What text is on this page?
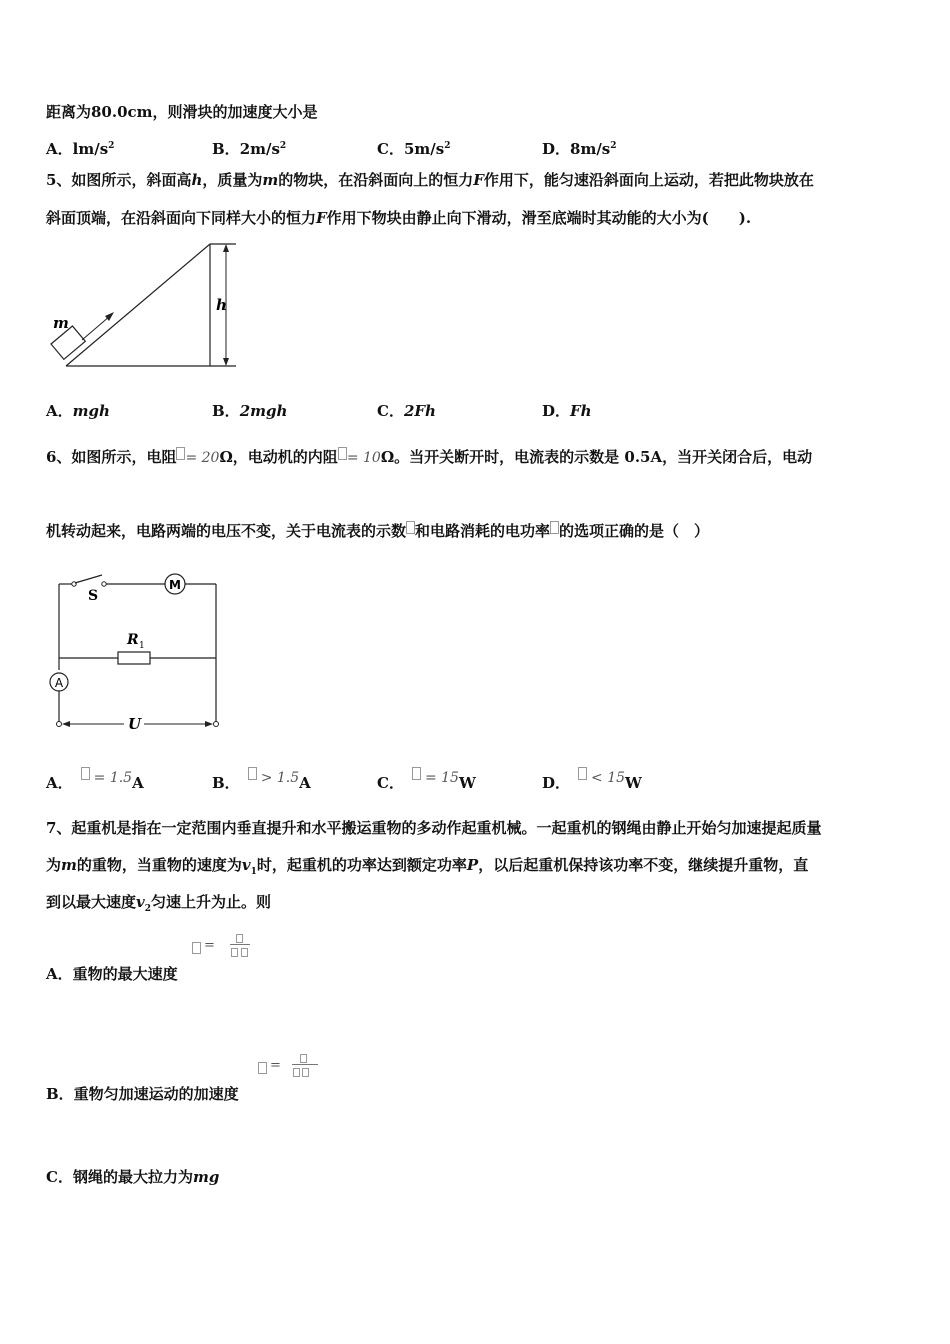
距离为80.0cm，则滑块的加速度大小是
A．$lm/s^2$	B．$2m/s^2$	C．$5m/s^2$	D．$8m/s^2$
5、如图所示，斜面高h，质量为m的物块，在沿斜面向上的恒力F作用下，能匀速沿斜面向上运动，若把此物块放在
斜面顶端，在沿斜面向下同样大小的恒力F作用下物块由静止向下滑动，滑至底端时其动能的大小为(　　).
m
h
A．mgh	B．2mgh	C．2Fh	D．Fh
6、如图所示，电阻 = 20Ω，电动机的内阻 = 10Ω。当开关断开时，电流表的示数是 0.5A，当开关闭合后，电动
机转动起来，电路两端的电压不变，关于电流表的示数 和电路消耗的电功率 的选项正确的是（　）
M
S
R 1
A
U
A． = 1.5A	B． > 1.5A	C． = 15W	D． < 15W
7、起重机是指在一定范围内垂直提升和水平搬运重物的多动作起重机械。一起重机的钢绳由静止开始匀加速提起质量
为m的重物，当重物的速度为$v_1$时，起重机的功率达到额定功率P，以后起重机保持该功率不变，继续提升重物，直
到以最大速度$v_2$匀速上升为止。则
=
A．重物的最大速度
=
B．重物匀加速运动的加速度
C．钢绳的最大拉力为mg
